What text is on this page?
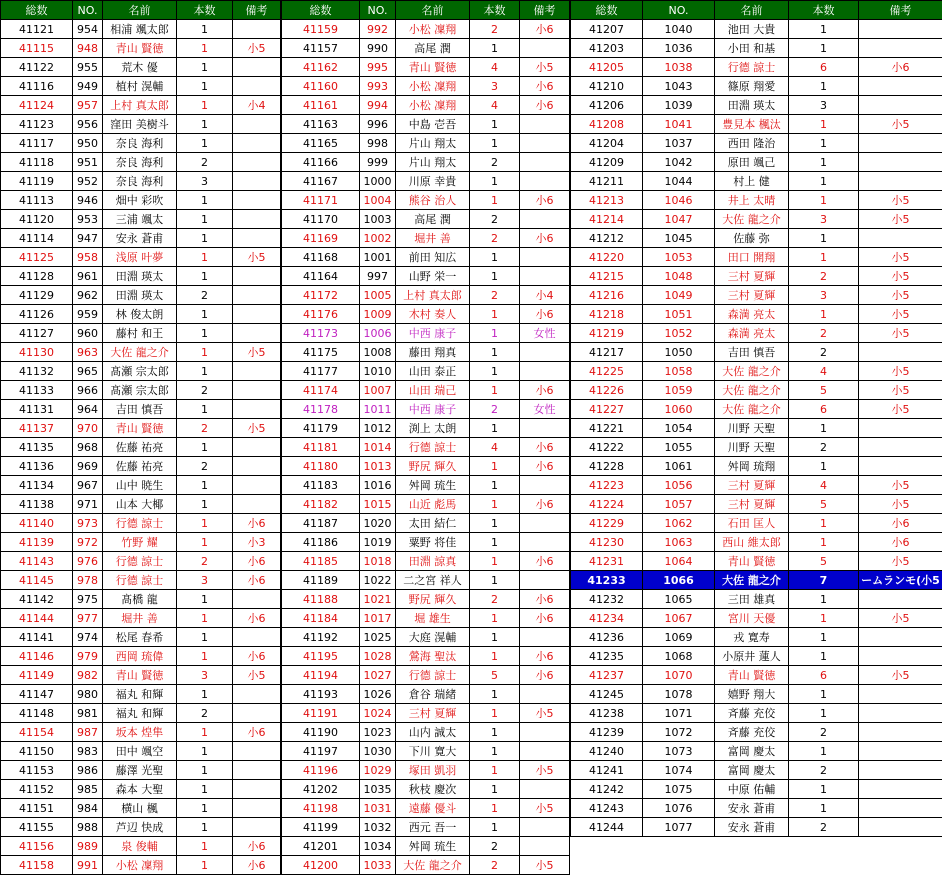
総数	NO.	名前	本数	備考
41121	954	相浦 颯太郎	1	
41115	948	青山 賢徳	1	小5
41122	955	荒木 優	1	
41116	949	植村 滉輔	1	
41124	957	上村 真太郎	1	小4
41123	956	窪田 美樹斗	1	
41117	950	奈良 海利	1	
41118	951	奈良 海利	2	
41119	952	奈良 海利	3	
41113	946	畑中 彩吹	1	
41120	953	三浦 颯太	1	
41114	947	安永 蒼甫	1	
41125	958	浅原 叶夢	1	小5
41128	961	田淵 瑛太	1	
41129	962	田淵 瑛太	2	
41126	959	林 俊太朗	1	
41127	960	藤村 和王	1	
41130	963	大佐 龍之介	1	小5
41132	965	髙瀬 宗太郎	1	
41133	966	髙瀬 宗太郎	2	
41131	964	吉田 慎吾	1	
41137	970	青山 賢徳	2	小5
41135	968	佐藤 祐亮	1	
41136	969	佐藤 祐亮	2	
41134	967	山中 暁生	1	
41138	971	山本 大椰	1	
41140	973	行德 諒士	1	小6
41139	972	竹野 耀	1	小3
41143	976	行德 諒士	2	小6
41145	978	行德 諒士	3	小6
41142	975	髙橋 龍	1	
41144	977	堀井 善	1	小6
41141	974	松尾 春希	1	
41146	979	西岡 琉偉	1	小6
41149	982	青山 賢徳	3	小5
41147	980	福丸 和輝	1	
41148	981	福丸 和輝	2	
41154	987	坂本 煌隼	1	小6
41150	983	田中 颯空	1	
41153	986	藤澤 光聖	1	
41152	985	森本 大聖	1	
41151	984	横山 楓	1	
41155	988	芦辺 快成	1	
41156	989	泉 俊輔	1	小6
41158	991	小松 凜翔	1	小6
総数	NO.	名前	本数	備考
41159	992	小松 凜翔	2	小6
41157	990	高尾 潤	1	
41162	995	青山 賢徳	4	小5
41160	993	小松 凜翔	3	小6
41161	994	小松 凜翔	4	小6
41163	996	中島 壱吾	1	
41165	998	片山 翔太	1	
41166	999	片山 翔太	2	
41167	1000	川原 幸貴	1	
41171	1004	熊谷 治人	1	小6
41170	1003	高尾 潤	2	
41169	1002	堀井 善	2	小6
41168	1001	前田 知広	1	
41164	997	山野 栄一	1	
41172	1005	上村 真太郎	2	小4
41176	1009	木村 奏人	1	小6
41173	1006	中西 康子	1	女性
41175	1008	藤田 翔真	1	
41177	1010	山田 泰正	1	
41174	1007	山田 瑞己	1	小6
41178	1011	中西 康子	2	女性
41179	1012	渕上 太朗	1	
41181	1014	行德 諒士	4	小6
41180	1013	野尻 輝久	1	小6
41183	1016	舛岡 琉生	1	
41182	1015	山近 彪馬	1	小6
41187	1020	太田 結仁	1	
41186	1019	粟野 将佳	1	
41185	1018	田淵 諒真	1	小6
41189	1022	二之宮 祥人	1	
41188	1021	野尻 輝久	2	小6
41184	1017	堀 雄生	1	小6
41192	1025	大庭 滉輔	1	
41195	1028	鶯海 聖汰	1	小6
41194	1027	行德 諒士	5	小6
41193	1026	倉谷 瑞緒	1	
41191	1024	三村 夏輝	1	小5
41190	1023	山内 誠太	1	
41197	1030	下川 寛大	1	
41196	1029	塚田 凱羽	1	小5
41202	1035	秋枝 慶次	1	
41198	1031	遠藤 優斗	1	小5
41199	1032	西元 吾一	1	
41201	1034	舛岡 琉生	2	
41200	1033	大佐 龍之介	2	小5
総数	NO.	名前	本数	備考
41207	1040	池田 大貴	1	
41203	1036	小田 和基	1	
41205	1038	行德 諒士	6	小6
41210	1043	篠原 翔愛	1	
41206	1039	田淵 瑛太	3	
41208	1041	豊見本 楓汰	1	小5
41204	1037	西田 隆治	1	
41209	1042	原田 颯己	1	
41211	1044	村上 健	1	
41213	1046	井上 太晴	1	小5
41214	1047	大佐 龍之介	3	小5
41212	1045	佐藤 弥	1	
41220	1053	田口 開翔	1	小5
41215	1048	三村 夏輝	2	小5
41216	1049	三村 夏輝	3	小5
41218	1051	森満 亮太	1	小5
41219	1052	森満 亮太	2	小5
41217	1050	吉田 慎吾	2	
41225	1058	大佐 龍之介	4	小5
41226	1059	大佐 龍之介	5	小5
41227	1060	大佐 龍之介	6	小5
41221	1054	川野 天聖	1	
41222	1055	川野 天聖	2	
41228	1061	舛岡 琉翔	1	
41223	1056	三村 夏輝	4	小5
41224	1057	三村 夏輝	5	小5
41229	1062	石田 匡人	1	小6
41230	1063	西山 維太郎	1	小6
41231	1064	青山 賢徳	5	小5
41233	1066	大佐 龍之介	7	ームランモ(小5
41232	1065	三田 雄真	1	
41234	1067	宮川 天優	1	小5
41236	1069	戎 寛寿	1	
41235	1068	小原井 蓮人	1	
41237	1070	青山 賢徳	6	小5
41245	1078	嬉野 翔大	1	
41238	1071	斉藤 充佼	1	
41239	1072	斉藤 充佼	2	
41240	1073	富岡 慶太	1	
41241	1074	富岡 慶太	2	
41242	1075	中原 佑輔	1	
41243	1076	安永 蒼甫	1	
41244	1077	安永 蒼甫	2	
